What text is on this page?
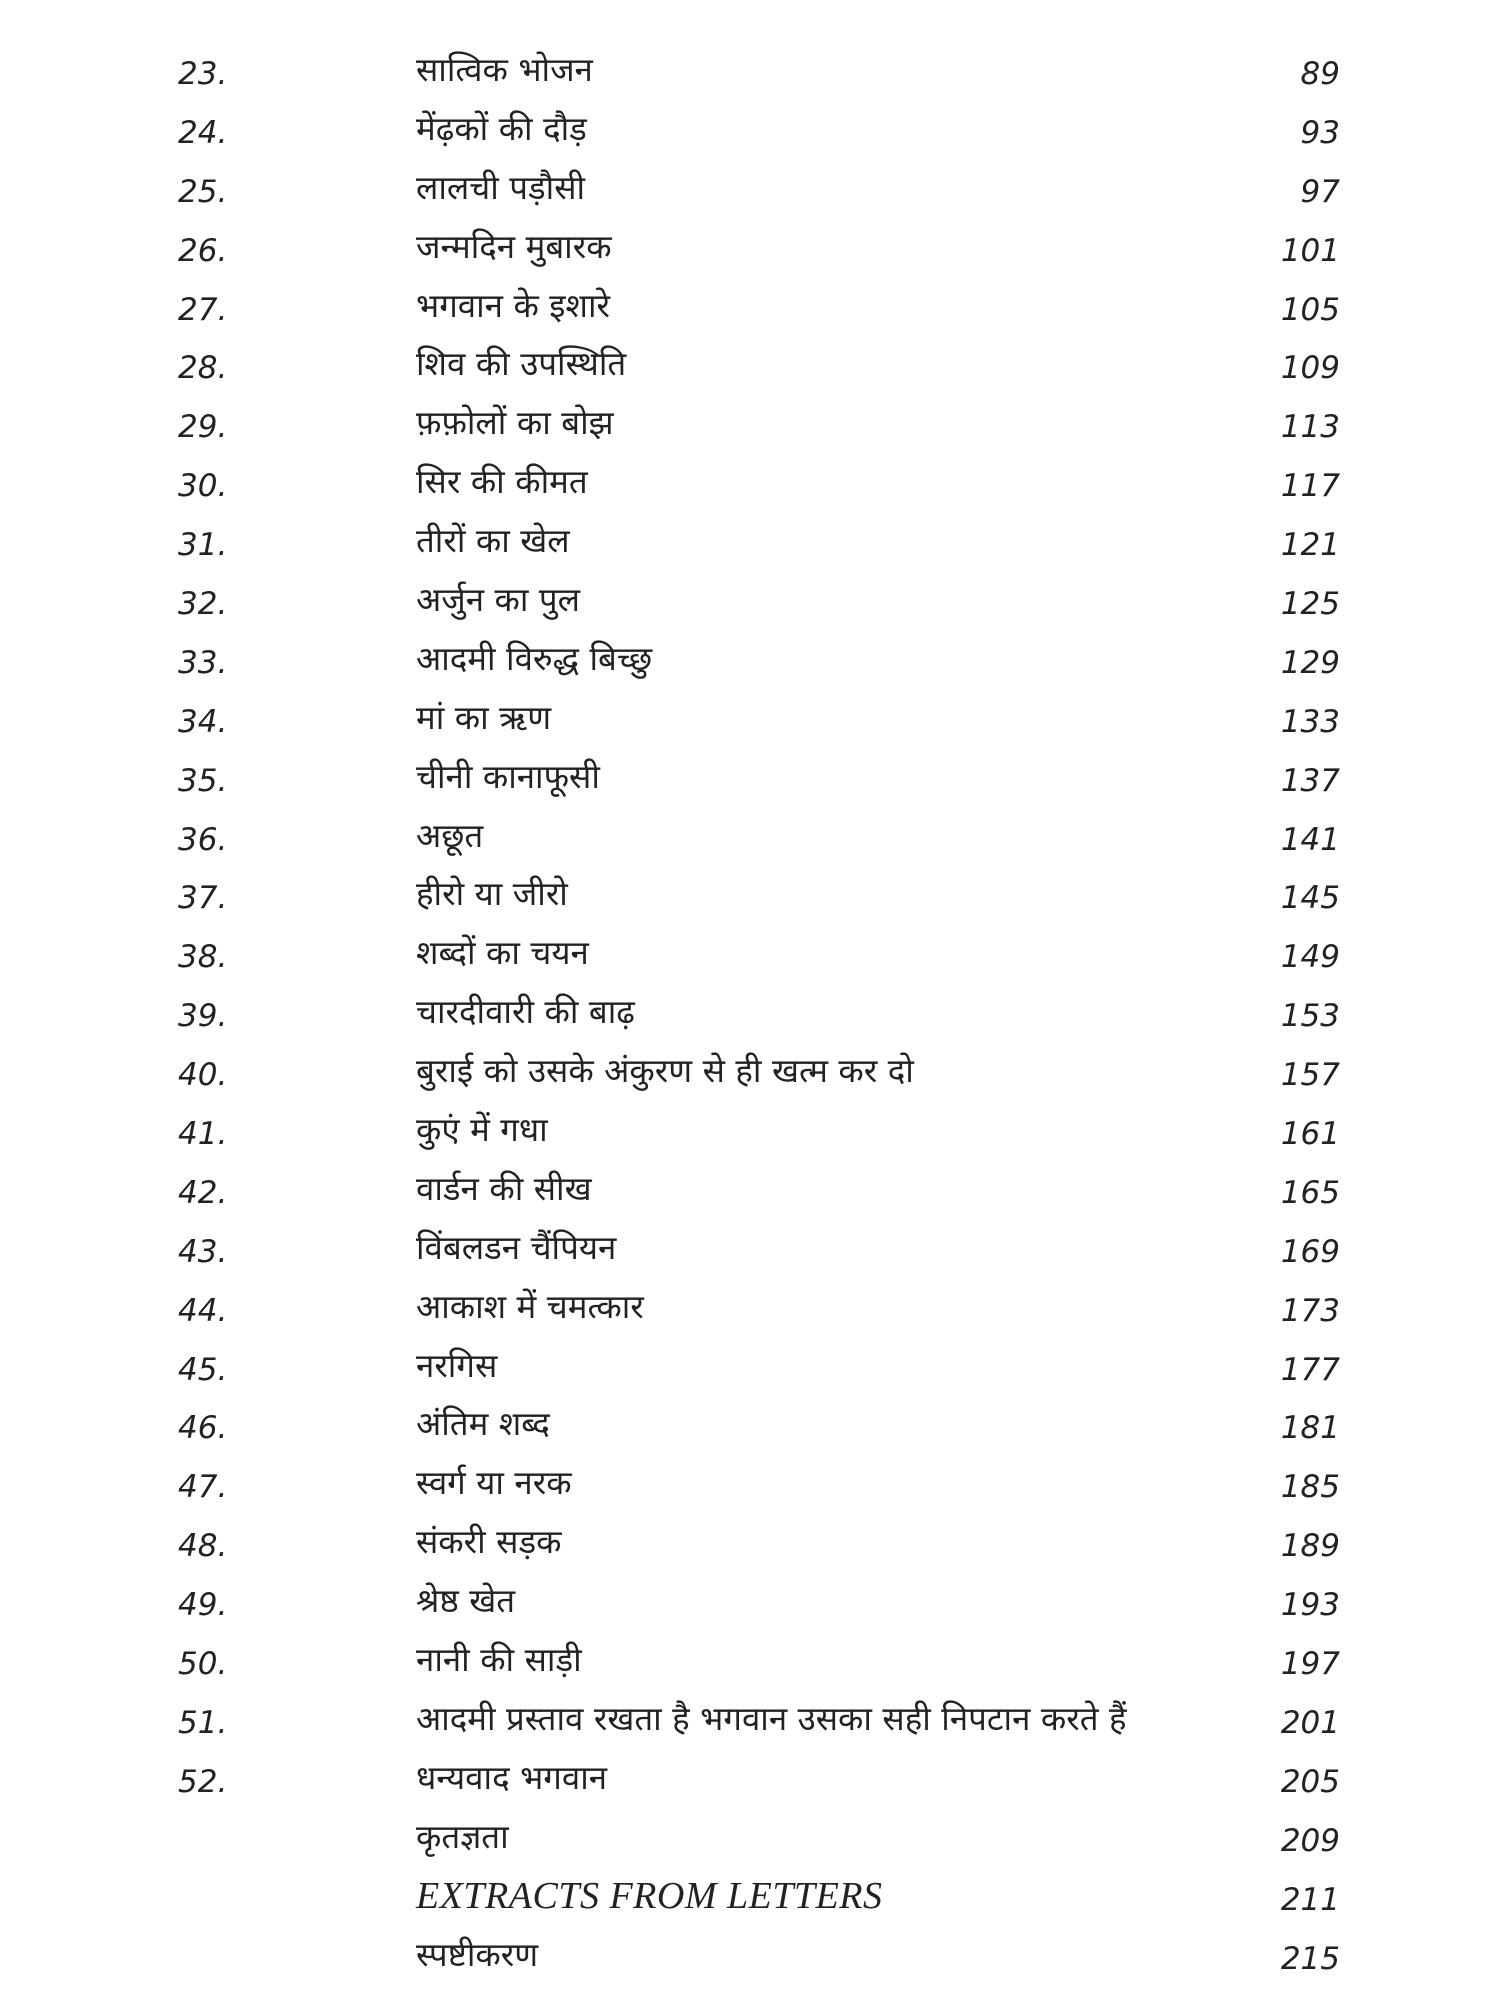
23.	सात्विक भोजन	89
24.	मेंढ़कों की दौड़	93
25.	लालची पड़ौसी	97
26.	जन्मदिन मुबारक	101
27.	भगवान के इशारे	105
28.	शिव की उपस्थिति	109
29.	फ़फ़ोलों का बोझ	113
30.	सिर की कीमत	117
31.	तीरों का खेल	121
32.	अर्जुन का पुल	125
33.	आदमी विरुद्ध बिच्छु	129
34.	मां का ऋण	133
35.	चीनी कानाफूसी	137
36.	अछूत	141
37.	हीरो या जीरो	145
38.	शब्दों का चयन	149
39.	चारदीवारी की बाढ़	153
40.	बुराई को उसके अंकुरण से ही खत्म कर दो	157
41.	कुएं में गधा	161
42.	वार्डन की सीख	165
43.	विंबलडन चैंपियन	169
44.	आकाश में चमत्कार	173
45.	नरगिस	177
46.	अंतिम शब्द	181
47.	स्वर्ग या नरक	185
48.	संकरी सड़क	189
49.	श्रेष्ठ खेत	193
50.	नानी की साड़ी	197
51.	आदमी प्रस्ताव रखता है भगवान उसका सही निपटान करते हैं	201
52.	धन्यवाद भगवान	205
कृतज्ञता	209
EXTRACTS FROM LETTERS	211
स्पष्टीकरण	215
